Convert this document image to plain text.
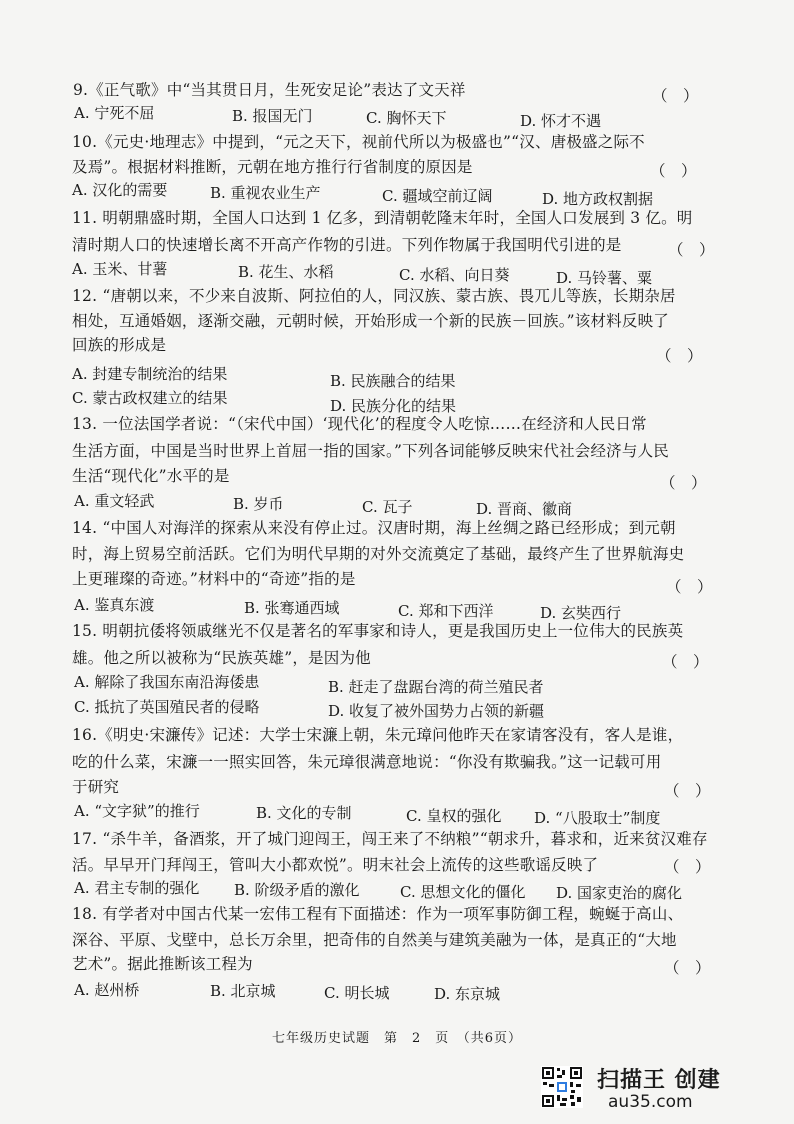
9.《正气歌》中“当其贯日月，生死安足论”表达了文天祥	（　）
A. 宁死不屈	B. 报国无门	C. 胸怀天下	D. 怀才不遇
10.《元史·地理志》中提到，“元之天下，视前代所以为极盛也”“汉、唐极盛之际不
及焉”。根据材料推断，元朝在地方推行行省制度的原因是	（　）
A. 汉化的需要	B. 重视农业生产	C. 疆域空前辽阔	D. 地方政权割据
11. 明朝鼎盛时期，全国人口达到 1 亿多，到清朝乾隆末年时，全国人口发展到 3 亿。明
清时期人口的快速增长离不开高产作物的引进。下列作物属于我国明代引进的是	（　）
A. 玉米、甘薯	B. 花生、水稻	C. 水稻、向日葵	D. 马铃薯、粟
12. “唐朝以来，不少来自波斯、阿拉伯的人，同汉族、蒙古族、畏兀儿等族，长期杂居
相处，互通婚姻，逐渐交融，元朝时候，开始形成一个新的民族－回族。”该材料反映了
回族的形成是
（　）
A. 封建专制统治的结果	B. 民族融合的结果
C. 蒙古政权建立的结果	D. 民族分化的结果
13. 一位法国学者说：“（宋代中国）‘现代化’的程度令人吃惊……在经济和人民日常
生活方面，中国是当时世界上首屈一指的国家。”下列各词能够反映宋代社会经济与人民
生活“现代化”水平的是	（　）
A. 重文轻武	B. 岁币	C. 瓦子	D. 晋商、徽商
14. “中国人对海洋的探索从来没有停止过。汉唐时期，海上丝绸之路已经形成；到元朝
时，海上贸易空前活跃。它们为明代早期的对外交流奠定了基础，最终产生了世界航海史
上更璀璨的奇迹。”材料中的“奇迹”指的是	（　）
A. 鉴真东渡	B. 张骞通西域	C. 郑和下西洋	D. 玄奘西行
15. 明朝抗倭将领戚继光不仅是著名的军事家和诗人，更是我国历史上一位伟大的民族英
雄。他之所以被称为“民族英雄”，是因为他	（　）
A. 解除了我国东南沿海倭患	B. 赶走了盘踞台湾的荷兰殖民者
C. 抵抗了英国殖民者的侵略	D. 收复了被外国势力占领的新疆
16.《明史·宋濂传》记述：大学士宋濂上朝，朱元璋问他昨天在家请客没有，客人是谁，
吃的什么菜，宋濂一一照实回答，朱元璋很满意地说：“你没有欺骗我。”这一记载可用
于研究	（　）
A. “文字狱”的推行	B. 文化的专制	C. 皇权的强化 D. “八股取士”制度
17. “杀牛羊，备酒浆，开了城门迎闯王，闯王来了不纳粮”“朝求升，暮求和，近来贫汉难存
活。早早开门拜闯王，管叫大小都欢悦”。明末社会上流传的这些歌谣反映了	（　）
A. 君主专制的强化 B. 阶级矛盾的激化	C. 思想文化的僵化 D. 国家吏治的腐化
18. 有学者对中国古代某一宏伟工程有下面描述：作为一项军事防御工程，蜿蜒于高山、
深谷、平原、戈壁中，总长万余里，把奇伟的自然美与建筑美融为一体，是真正的“大地
艺术”。据此推断该工程为	（　）
A. 赵州桥	B. 北京城	C. 明长城	D. 东京城
七年级历史试题　第　2　页　（共6页）
扫描王 创建
au35.com
